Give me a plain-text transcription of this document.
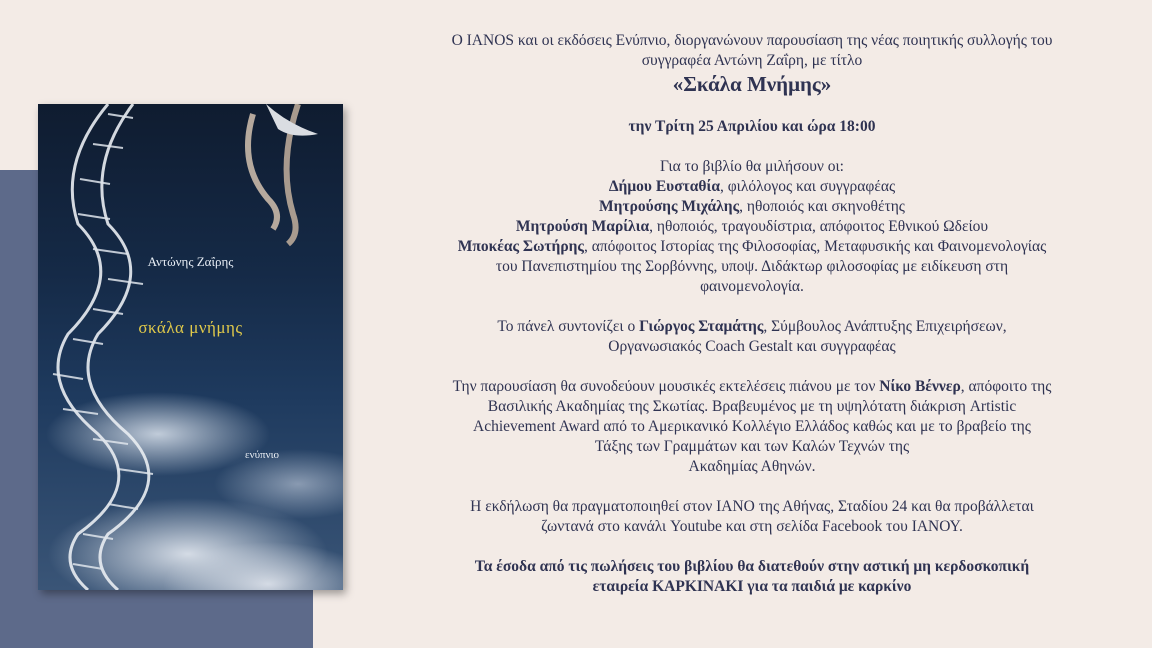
Αντώνης Ζαΐρης
σκάλα μνήμης
ενύπνιο

Ο IANOS και οι εκδόσεις Ενύπνιο, διοργανώνουν παρουσίαση της νέας ποιητικής συλλογής του

συγγραφέα Αντώνη Ζαΐρη, με τίτλο

«Σκάλα Μνήμης»

την Τρίτη 25 Απριλίου και ώρα 18:00

Για το βιβλίο θα μιλήσουν οι:

Δήμου Ευσταθία, φιλόλογος και συγγραφέας

Μητρούσης Μιχάλης, ηθοποιός και σκηνοθέτης

Μητρούση Μαρίλια, ηθοποιός, τραγουδίστρια, απόφοιτος Εθνικού Ωδείου

Μποκέας Σωτήρης, απόφοιτος Ιστορίας της Φιλοσοφίας, Μεταφυσικής και Φαινομενολογίας

του Πανεπιστημίου της Σορβόννης, υποψ. Διδάκτωρ φιλοσοφίας με ειδίκευση στη

φαινομενολογία.

Το πάνελ συντονίζει ο Γιώργος Σταμάτης, Σύμβουλος Ανάπτυξης Επιχειρήσεων,

Οργανωσιακός Coach Gestalt και συγγραφέας

Την παρουσίαση θα συνοδεύουν μουσικές εκτελέσεις πιάνου με τον Νίκο Βέννερ, απόφοιτο της

Βασιλικής Ακαδημίας της Σκωτίας. Βραβευμένος με τη υψηλότατη διάκριση Artistic

Achievement Award από το Αμερικανικό Κολλέγιο Ελλάδος καθώς και με το βραβείο της

Τάξης των Γραμμάτων και των Καλών Τεχνών της

Ακαδημίας Αθηνών.

Η εκδήλωση θα πραγματοποιηθεί στον ΙΑΝΟ της Αθήνας, Σταδίου 24 και θα προβάλλεται

ζωντανά στο κανάλι Youtube και στη σελίδα Facebook του ΙΑΝΟΥ.

Τα έσοδα από τις πωλήσεις του βιβλίου θα διατεθούν στην αστική μη κερδοσκοπική

εταιρεία ΚΑΡΚΙΝΑΚΙ για τα παιδιά με καρκίνο
